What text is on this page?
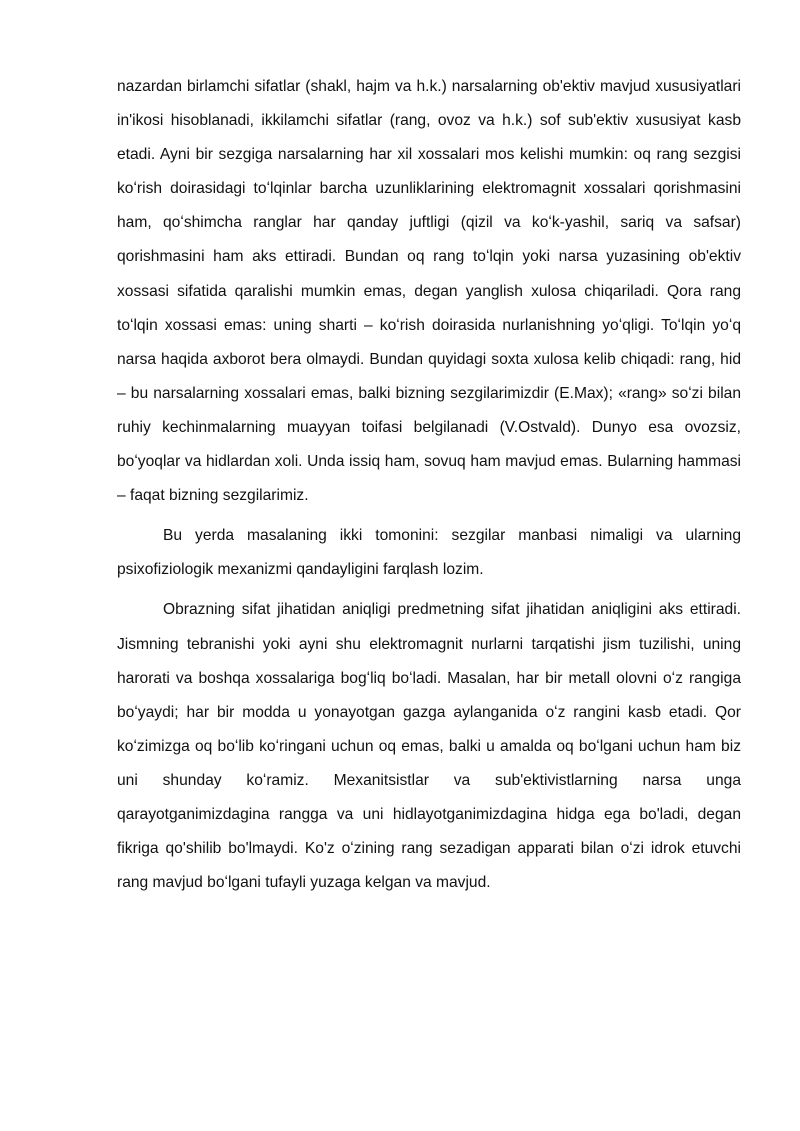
nazardan birlamchi sifatlar (shakl, hajm va h.k.) narsalarning ob'ektiv mavjud xususiyatlari in'ikosi hisoblanadi, ikkilamchi sifatlar (rang, ovoz va h.k.) sof sub'ektiv xususiyat kasb etadi. Ayni bir sezgiga narsalarning har xil xossalari mos kelishi mumkin: oq rang sezgisi koʻrish doirasidagi toʻlqinlar barcha uzunliklarining elektromagnit xossalari qorishmasini ham, qoʻshimcha ranglar har qanday juftligi (qizil va koʻk-yashil, sariq va safsar) qorishmasini ham aks ettiradi. Bundan oq rang toʻlqin yoki narsa yuzasining ob'ektiv xossasi sifatida qaralishi mumkin emas, degan yanglish xulosa chiqariladi. Qora rang toʻlqin xossasi emas: uning sharti – koʻrish doirasida nurlanishning yoʻqligi. Toʻlqin yoʻq narsa haqida axborot bera olmaydi. Bundan quyidagi soxta xulosa kelib chiqadi: rang, hid – bu narsalarning xossalari emas, balki bizning sezgilarimizdir (E.Max); «rang» soʻzi bilan ruhiy kechinmalarning muayyan toifasi belgilanadi (V.Ostvald). Dunyo esa ovozsiz, boʻyoqlar va hidlardan xoli. Unda issiq ham, sovuq ham mavjud emas. Bularning hammasi – faqat bizning sezgilarimiz.

Bu yerda masalaning ikki tomonini: sezgilar manbasi nimaligi va ularning psixofiziologik mexanizmi qandayligini farqlash lozim.

Obrazning sifat jihatidan aniqligi predmetning sifat jihatidan aniqligini aks ettiradi. Jismning tebranishi yoki ayni shu elektromagnit nurlarni tarqatishi jism tuzilishi, uning harorati va boshqa xossalariga bogʻliq boʻladi. Masalan, har bir metall olovni oʻz rangiga boʻyaydi; har bir modda u yonayotgan gazga aylanganida oʻz rangini kasb etadi. Qor koʻzimizga oq boʻlib koʻringani uchun oq emas, balki u amalda oq boʻlgani uchun ham biz uni shunday koʻramiz. Mexanitsistlar va sub'ektivistlarning narsa unga qarayotganimizdagina rangga va uni hidlayotganimizdagina hidga ega bo'ladi, degan fikriga qo'shilib bo'lmaydi. Ko'z oʻzining rang sezadigan apparati bilan oʻzi idrok etuvchi rang mavjud boʻlgani tufayli yuzaga kelgan va mavjud.
